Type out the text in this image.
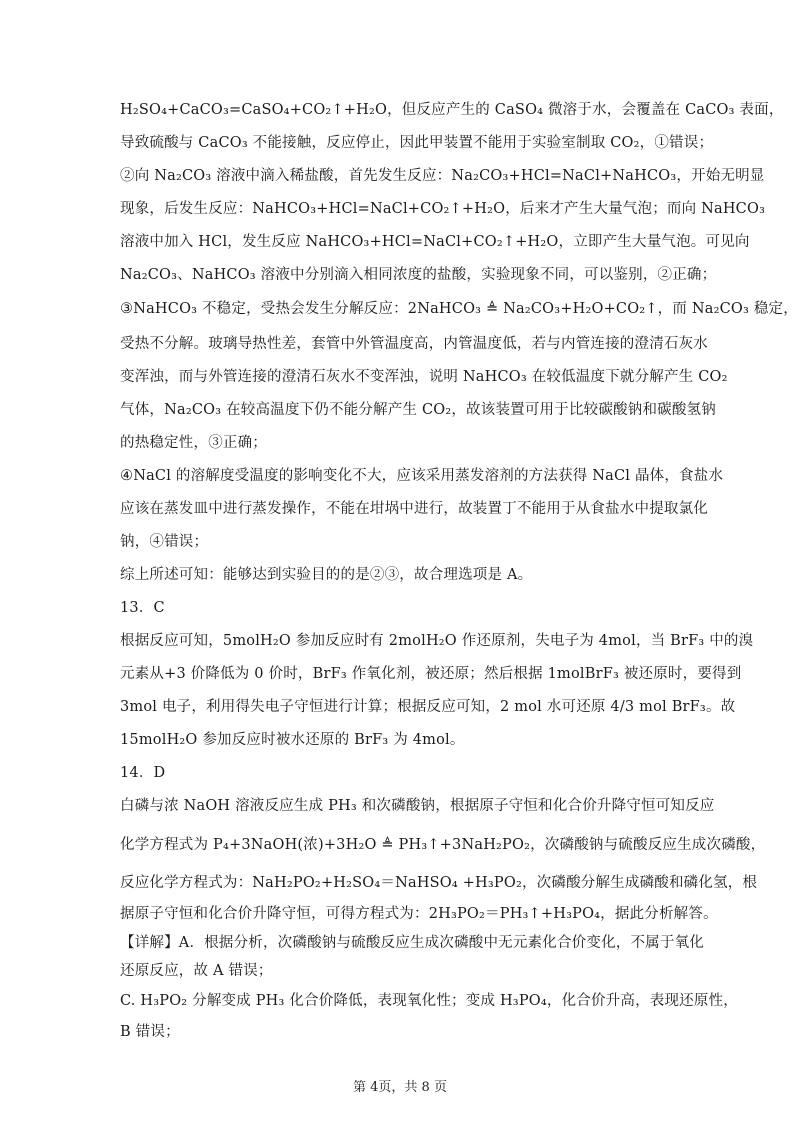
H₂SO₄+CaCO₃=CaSO₄+CO₂↑+H₂O，但反应产生的 CaSO₄ 微溶于水，会覆盖在 CaCO₃ 表面，
导致硫酸与 CaCO₃ 不能接触，反应停止，因此甲装置不能用于实验室制取 CO₂，①错误；
②向 Na₂CO₃ 溶液中滴入稀盐酸，首先发生反应：Na₂CO₃+HCl=NaCl+NaHCO₃，开始无明显
现象，后发生反应：NaHCO₃+HCl=NaCl+CO₂↑+H₂O，后来才产生大量气泡；而向 NaHCO₃
溶液中加入 HCl，发生反应 NaHCO₃+HCl=NaCl+CO₂↑+H₂O，立即产生大量气泡。可见向
Na₂CO₃、NaHCO₃ 溶液中分别滴入相同浓度的盐酸，实验现象不同，可以鉴别，②正确；
③NaHCO₃ 不稳定，受热会发生分解反应：2NaHCO₃ ≜ Na₂CO₃+H₂O+CO₂↑，而 Na₂CO₃ 稳定，
受热不分解。玻璃导热性差，套管中外管温度高，内管温度低，若与内管连接的澄清石灰水
变浑浊，而与外管连接的澄清石灰水不变浑浊，说明 NaHCO₃ 在较低温度下就分解产生 CO₂
气体，Na₂CO₃ 在较高温度下仍不能分解产生 CO₂，故该装置可用于比较碳酸钠和碳酸氢钠
的热稳定性，③正确；
④NaCl 的溶解度受温度的影响变化不大，应该采用蒸发溶剂的方法获得 NaCl 晶体，食盐水
应该在蒸发皿中进行蒸发操作，不能在坩埚中进行，故装置丁不能用于从食盐水中提取氯化
钠，④错误；
综上所述可知：能够达到实验目的的是②③，故合理选项是 A。
13．C
根据反应可知，5molH₂O 参加反应时有 2molH₂O 作还原剂，失电子为 4mol，当 BrF₃ 中的溴
元素从+3 价降低为 0 价时，BrF₃ 作氧化剂，被还原；然后根据 1molBrF₃ 被还原时，要得到
3mol 电子，利用得失电子守恒进行计算；根据反应可知，2 mol 水可还原 4/3 mol BrF₃。故
15molH₂O 参加反应时被水还原的 BrF₃ 为 4mol。
14．D
白磷与浓 NaOH 溶液反应生成 PH₃ 和次磷酸钠，根据原子守恒和化合价升降守恒可知反应
化学方程式为 P₄+3NaOH(浓)+3H₂O ≜ PH₃↑+3NaH₂PO₂，次磷酸钠与硫酸反应生成次磷酸，
反应化学方程式为：NaH₂PO₂+H₂SO₄＝NaHSO₄ +H₃PO₂，次磷酸分解生成磷酸和磷化氢，根
据原子守恒和化合价升降守恒，可得方程式为：2H₃PO₂＝PH₃↑+H₃PO₄，据此分析解答。
【详解】A．根据分析，次磷酸钠与硫酸反应生成次磷酸中无元素化合价变化，不属于氧化
还原反应，故 A 错误；
C. H₃PO₂ 分解变成 PH₃ 化合价降低，表现氧化性；变成 H₃PO₄，化合价升高，表现还原性，
B 错误；
第 4页，共 8 页
